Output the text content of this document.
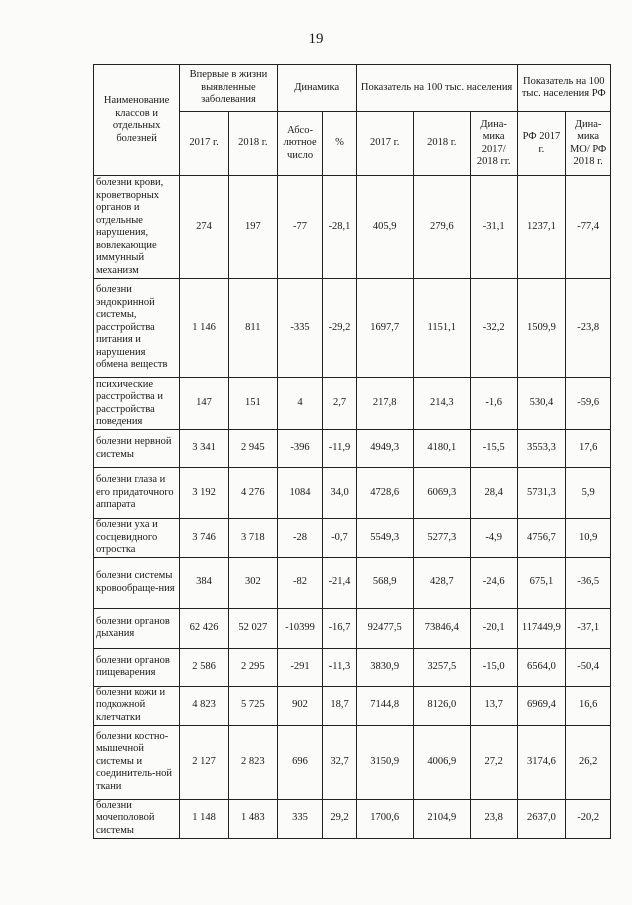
19
Наименование классов и отдельных болезней	Впервые в жизни выявленные заболевания		Динамика		Показатель на 100 тыс. населения			Показатель на 100 тыс. населения РФ	
	2017 г.	2018 г.	Абсо-лютное число	%	2017 г.	2018 г.	Дина-мика 2017/ 2018 гг.	РФ 2017 г.	Дина-мика МО/ РФ 2018 г.
болезни крови, кроветворных органов и отдельные нарушения, вовлекающие иммунный механизм	274	197	-77	-28,1	405,9	279,6	-31,1	1237,1	-77,4
болезни эндокринной системы, расстройства питания и нарушения обмена веществ	1 146	811	-335	-29,2	1697,7	1151,1	-32,2	1509,9	-23,8
психические расстройства и расстройства поведения	147	151	4	2,7	217,8	214,3	-1,6	530,4	-59,6
болезни нервной системы	3 341	2 945	-396	-11,9	4949,3	4180,1	-15,5	3553,3	17,6
болезни глаза и его придаточного аппарата	3 192	4 276	1084	34,0	4728,6	6069,3	28,4	5731,3	5,9
болезни уха и сосцевидного отростка	3 746	3 718	-28	-0,7	5549,3	5277,3	-4,9	4756,7	10,9
болезни системы кровообраще-ния	384	302	-82	-21,4	568,9	428,7	-24,6	675,1	-36,5
болезни органов дыхания	62 426	52 027	-10399	-16,7	92477,5	73846,4	-20,1	117449,9	-37,1
болезни органов пищеварения	2 586	2 295	-291	-11,3	3830,9	3257,5	-15,0	6564,0	-50,4
болезни кожи и подкожной клетчатки	4 823	5 725	902	18,7	7144,8	8126,0	13,7	6969,4	16,6
болезни костно-мышечной системы и соединитель-ной ткани	2 127	2 823	696	32,7	3150,9	4006,9	27,2	3174,6	26,2
болезни мочеполовой системы	1 148	1 483	335	29,2	1700,6	2104,9	23,8	2637,0	-20,2
